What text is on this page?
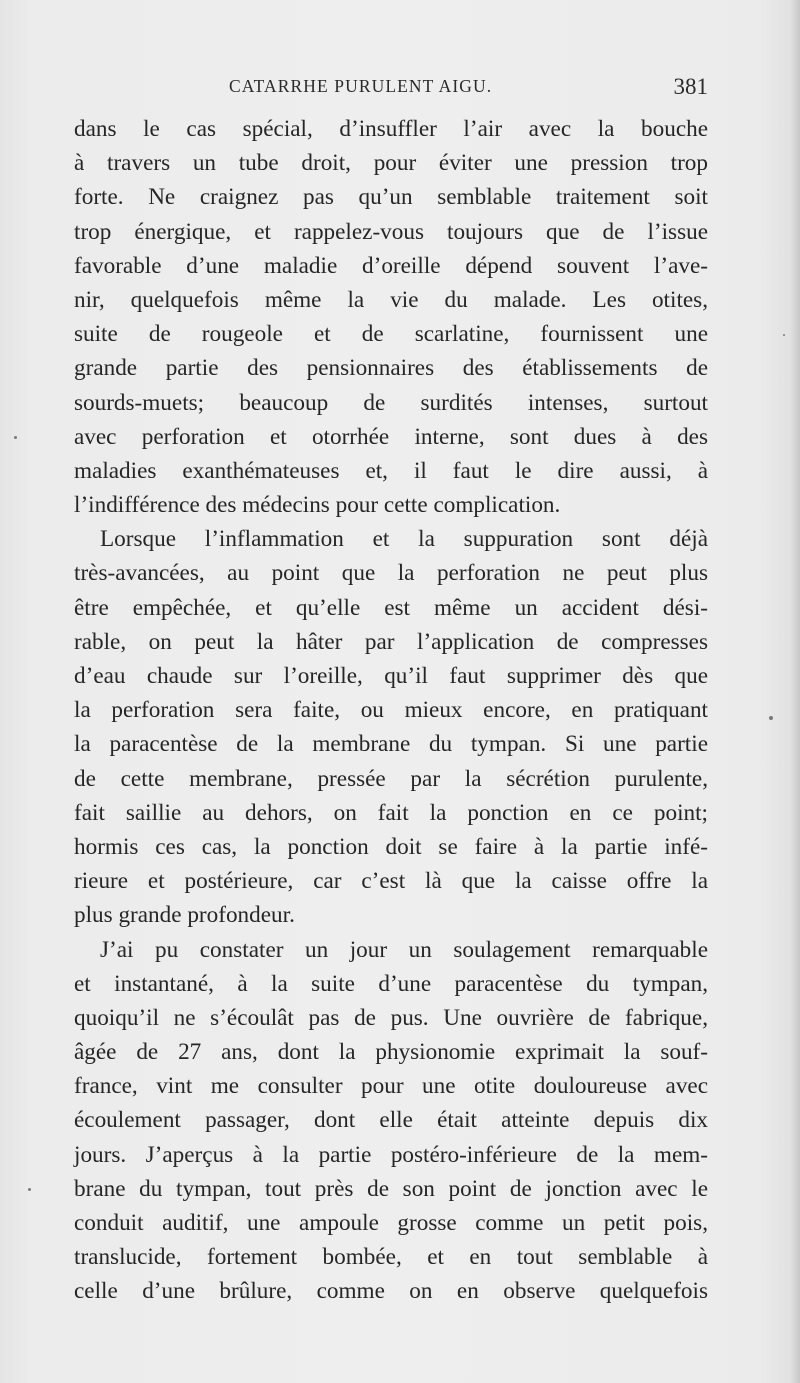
CATARRHE PURULENT AIGU.	381
dans le cas spécial, d’insuffler l’air avec la bouche
à travers un tube droit, pour éviter une pression trop
forte. Ne craignez pas qu’un semblable traitement soit
trop énergique, et rappelez-vous toujours que de l’issue
favorable d’une maladie d’oreille dépend souvent l’ave-
nir, quelquefois même la vie du malade. Les otites,
suite de rougeole et de scarlatine, fournissent une
grande partie des pensionnaires des établissements de
sourds-muets; beaucoup de surdités intenses, surtout
avec perforation et otorrhée interne, sont dues à des
maladies exanthémateuses et, il faut le dire aussi, à
l’indifférence des médecins pour cette complication.
Lorsque l’inflammation et la suppuration sont déjà
très-avancées, au point que la perforation ne peut plus
être empêchée, et qu’elle est même un accident dési-
rable, on peut la hâter par l’application de compresses
d’eau chaude sur l’oreille, qu’il faut supprimer dès que
la perforation sera faite, ou mieux encore, en pratiquant
la paracentèse de la membrane du tympan. Si une partie
de cette membrane, pressée par la sécrétion purulente,
fait saillie au dehors, on fait la ponction en ce point;
hormis ces cas, la ponction doit se faire à la partie infé-
rieure et postérieure, car c’est là que la caisse offre la
plus grande profondeur.
J’ai pu constater un jour un soulagement remarquable
et instantané, à la suite d’une paracentèse du tympan,
quoiqu’il ne s’écoulât pas de pus. Une ouvrière de fabrique,
âgée de 27 ans, dont la physionomie exprimait la souf-
france, vint me consulter pour une otite douloureuse avec
écoulement passager, dont elle était atteinte depuis dix
jours. J’aperçus à la partie postéro-inférieure de la mem-
brane du tympan, tout près de son point de jonction avec le
conduit auditif, une ampoule grosse comme un petit pois,
translucide, fortement bombée, et en tout semblable à
celle d’une brûlure, comme on en observe quelquefois
